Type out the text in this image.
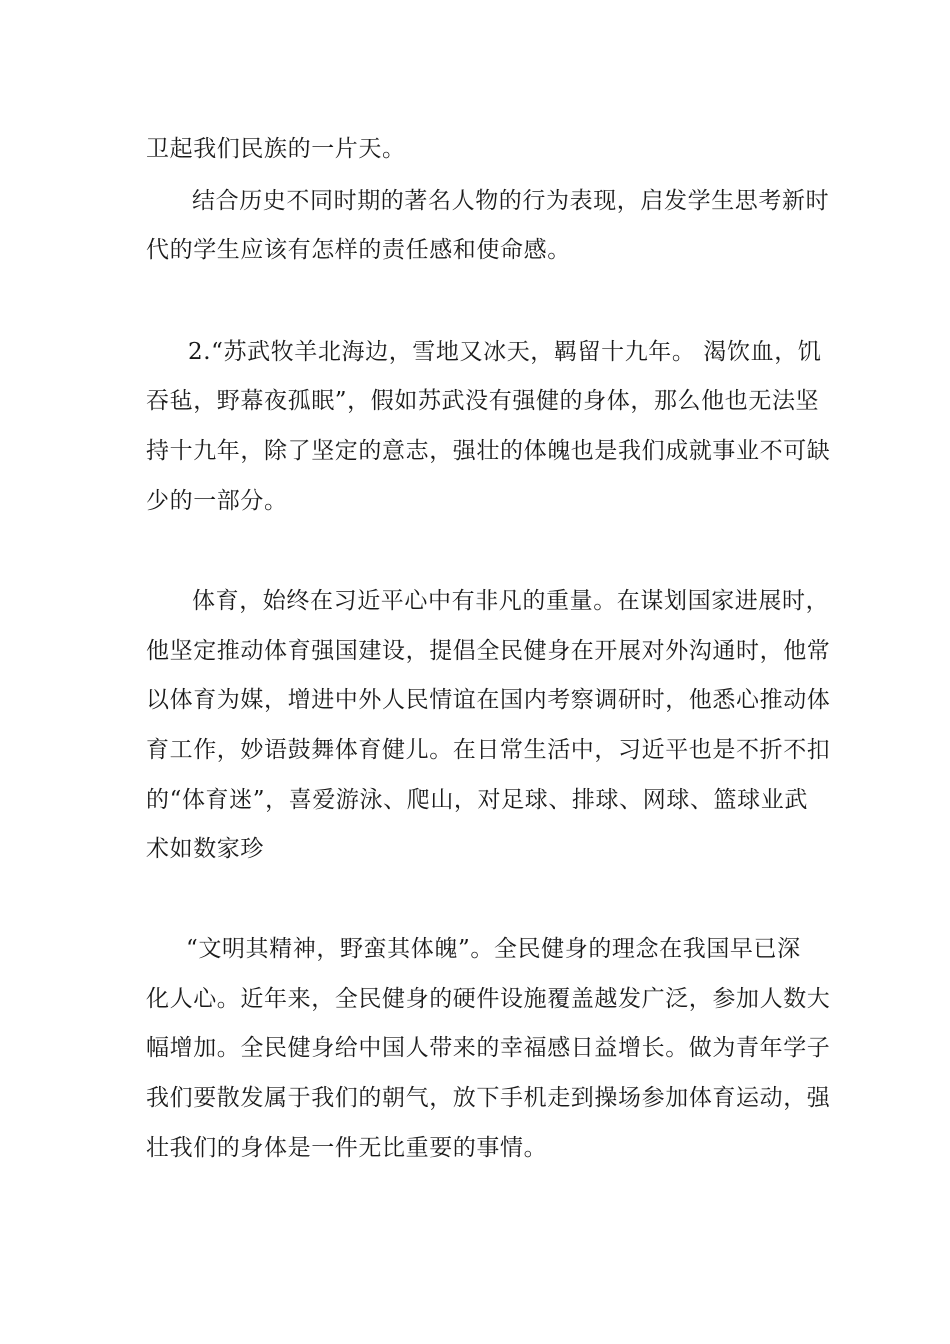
卫起我们民族的一片天。
结合历史不同时期的著名人物的行为表现，启发学生思考新时
代的学生应该有怎样的责任感和使命感。
2.“苏武牧羊北海边，雪地又冰天，羁留十九年。 渴饮血，饥
吞毡，野幕夜孤眠”，假如苏武没有强健的身体，那么他也无法坚
持十九年，除了坚定的意志，强壮的体魄也是我们成就事业不可缺
少的一部分。
体育，始终在习近平心中有非凡的重量。在谋划国家进展时，
他坚定推动体育强国建设，提倡全民健身在开展对外沟通时，他常
以体育为媒，增进中外人民情谊在国内考察调研时，他悉心推动体
育工作，妙语鼓舞体育健儿。在日常生活中，习近平也是不折不扣
的“体育迷”，喜爱游泳、爬山，对足球、排球、网球、篮球业武
术如数家珍
“文明其精神，野蛮其体魄”。全民健身的理念在我国早已深
化人心。近年来，全民健身的硬件设施覆盖越发广泛，参加人数大
幅增加。全民健身给中国人带来的幸福感日益增长。做为青年学子
我们要散发属于我们的朝气，放下手机走到操场参加体育运动，强
壮我们的身体是一件无比重要的事情。
